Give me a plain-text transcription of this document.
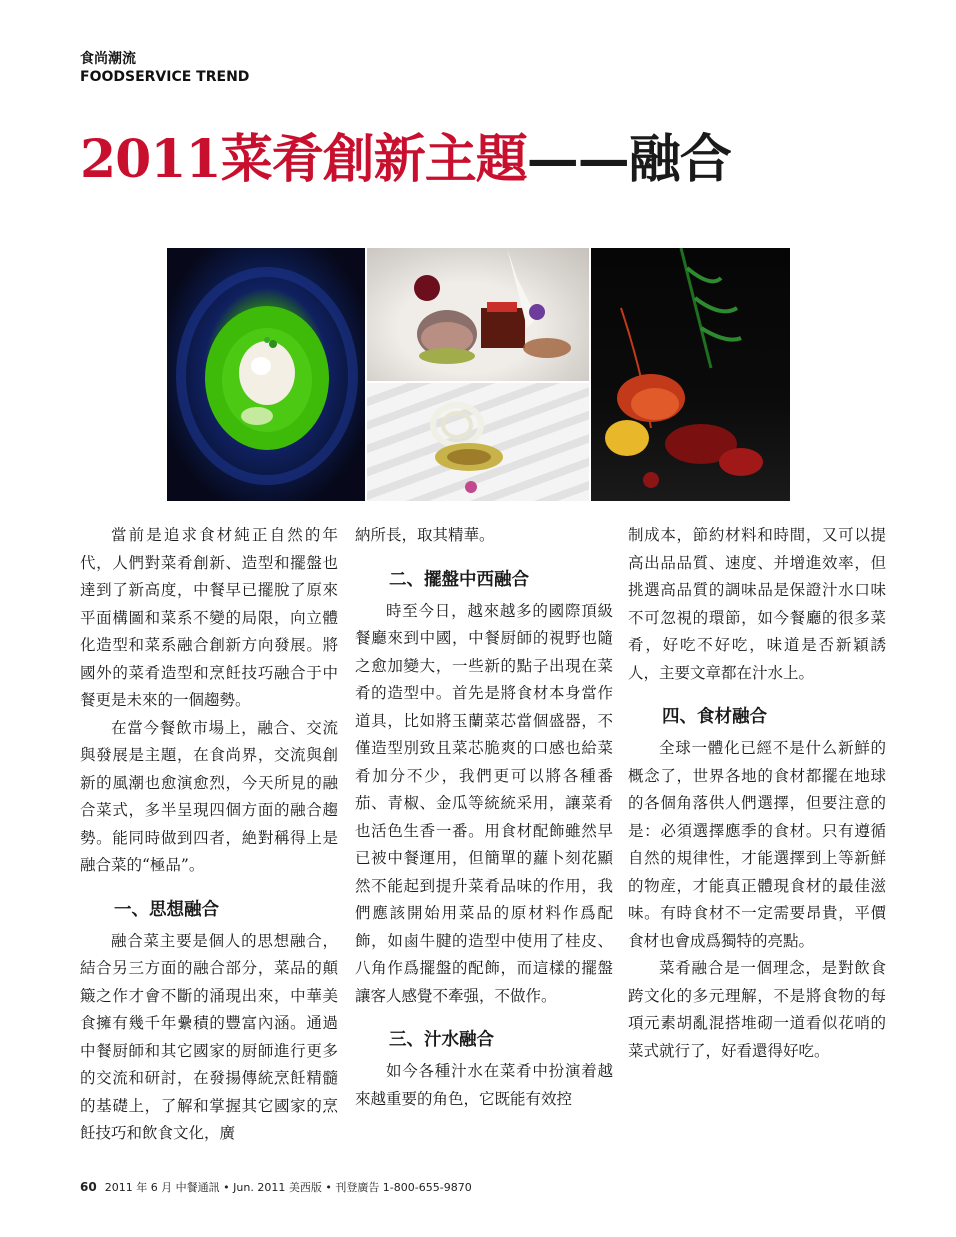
食尚潮流
FOODSERVICE TREND
2011菜肴創新主題——融合

當前是追求食材純正自然的年代，人們對菜肴創新、造型和擺盤也達到了新高度，中餐早已擺脫了原來平面構圖和菜系不變的局限，向立體化造型和菜系融合創新方向發展。將國外的菜肴造型和烹飪技巧融合于中餐更是未來的一個趨勢。

在當今餐飲市場上，融合、交流與發展是主題，在食尚界，交流與創新的風潮也愈演愈烈，今天所見的融合菜式，多半呈現四個方面的融合趨勢。能同時做到四者，絶對稱得上是融合菜的“極品”。

一、思想融合

融合菜主要是個人的思想融合，結合另三方面的融合部分，菜品的顛簸之作才會不斷的涌現出來，中華美食擁有幾千年纍積的豐富內涵。通過中餐厨師和其它國家的厨師進行更多的交流和研討，在發揚傳統烹飪精髓的基礎上，了解和掌握其它國家的烹飪技巧和飲食文化，廣

納所長，取其精華。

二、擺盤中西融合

時至今日，越來越多的國際頂級餐廳來到中國，中餐厨師的視野也隨之愈加變大，一些新的點子出現在菜肴的造型中。首先是將食材本身當作道具，比如將玉蘭菜芯當個盛器，不僅造型別致且菜芯脆爽的口感也給菜肴加分不少，我們更可以將各種番茄、青椒、金瓜等統統采用，讓菜肴也活色生香一番。用食材配飾雖然早已被中餐運用，但簡單的蘿卜刻花顯然不能起到提升菜肴品味的作用，我們應該開始用菜品的原材料作爲配飾，如鹵牛腱的造型中使用了桂皮、八角作爲擺盤的配飾，而這樣的擺盤讓客人感覺不牽强，不做作。

三、汁水融合

如今各種汁水在菜肴中扮演着越來越重要的角色，它既能有效控

制成本，節約材料和時間，又可以提高出品品質、速度、并增進效率，但挑選高品質的調味品是保證汁水口味不可忽視的環節，如今餐廳的很多菜肴，好吃不好吃，味道是否新穎誘人，主要文章都在汁水上。

四、食材融合

全球一體化已經不是什么新鮮的概念了，世界各地的食材都擺在地球的各個角落供人們選擇，但要注意的是：必須選擇應季的食材。只有遵循自然的規律性，才能選擇到上等新鮮的物産，才能真正體現食材的最佳滋味。有時食材不一定需要昂貴，平價食材也會成爲獨特的亮點。

菜肴融合是一個理念，是對飲食跨文化的多元理解，不是將食物的每項元素胡亂混搭堆砌一道看似花哨的菜式就行了，好看還得好吃。

60 2011 年 6 月 中餐通訊 • Jun. 2011 美西版 • 刊登廣告 1-800-655-9870
